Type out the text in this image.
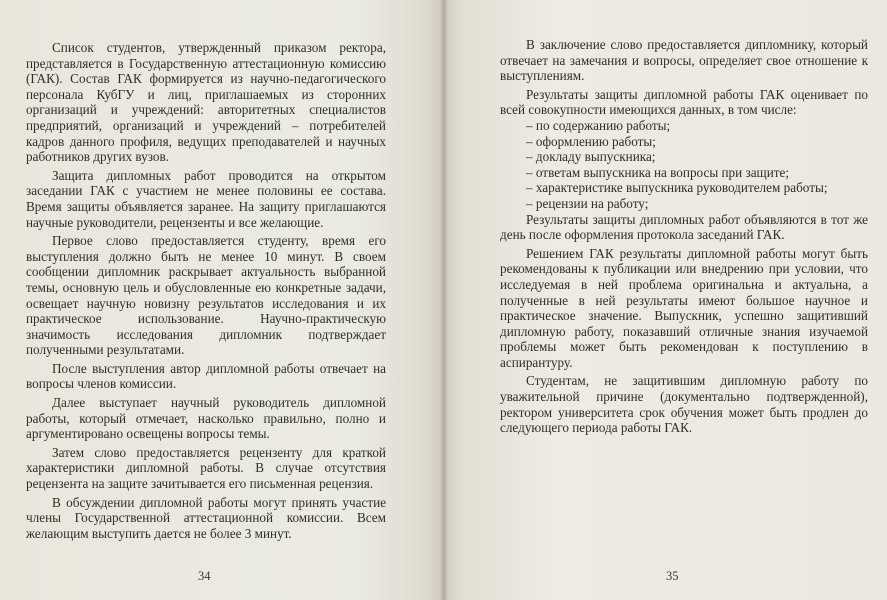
Список студентов, утвержденный приказом ректора, представляется в Государственную аттестационную комиссию (ГАК). Состав ГАК формируется из научно-педагогического персонала КубГУ и лиц, приглашаемых из сторонних организаций и учреждений: авторитетных специалистов предприятий, организаций и учреждений – потребителей кадров данного профиля, ведущих преподавателей и научных работников других вузов.

Защита дипломных работ проводится на открытом заседании ГАК с участием не менее половины ее состава. Время защиты объявляется заранее. На защиту приглашаются научные руководители, рецензенты и все желающие.

Первое слово предоставляется студенту, время его выступления должно быть не менее 10 минут. В своем сообщении дипломник раскрывает актуальность выбранной темы, основную цель и обусловленные ею конкретные задачи, освещает научную новизну результатов исследования и их практическое использование. Научно-практическую значимость исследования дипломник подтверждает полученными результатами.

После выступления автор дипломной работы отвечает на вопросы членов комиссии.

Далее выступает научный руководитель дипломной работы, который отмечает, насколько правильно, полно и аргументировано освещены вопросы темы.

Затем слово предоставляется рецензенту для краткой характеристики дипломной работы. В случае отсутствия рецензента на защите зачитывается его письменная рецензия.

В обсуждении дипломной работы могут принять участие члены Государственной аттестационной комиссии. Всем желающим выступить дается не более 3 минут.

34

В заключение слово предоставляется дипломнику, который отвечает на замечания и вопросы, определяет свое отношение к выступлениям.

Результаты защиты дипломной работы ГАК оценивает по всей совокупности имеющихся данных, в том числе:

– по содержанию работы;
– оформлению работы;
– докладу выпускника;
– ответам выпускника на вопросы при защите;
– характеристике выпускника руководителем работы;
– рецензии на работу;

Результаты защиты дипломных работ объявляются в тот же день после оформления протокола заседаний ГАК.

Решением ГАК результаты дипломной работы могут быть рекомендованы к публикации или внедрению при условии, что исследуемая в ней проблема оригинальна и актуальна, а полученные в ней результаты имеют большое научное и практическое значение. Выпускник, успешно защитивший дипломную работу, показавший отличные знания изучаемой проблемы может быть рекомендован к поступлению в аспирантуру.

Студентам, не защитившим дипломную работу по уважительной причине (документально подтвержденной), ректором университета срок обучения может быть продлен до следующего периода работы ГАК.

35
